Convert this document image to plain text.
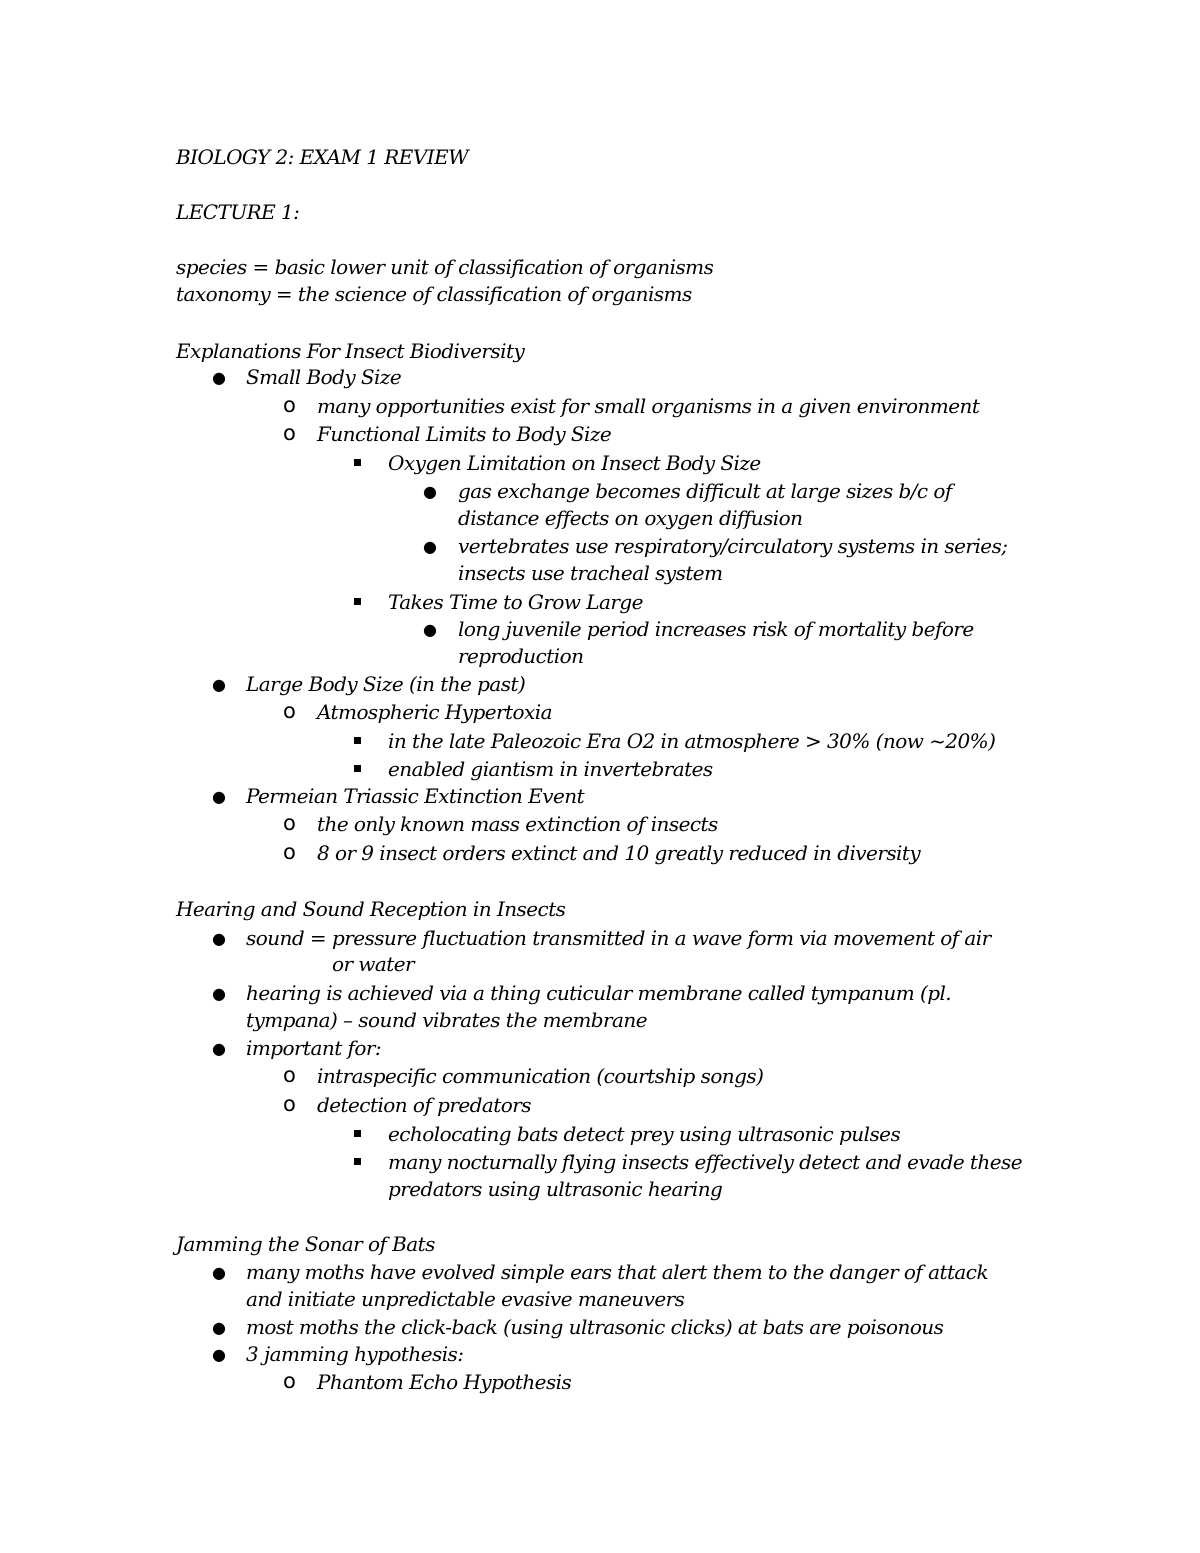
BIOLOGY 2: EXAM 1 REVIEW
LECTURE 1:
species = basic lower unit of classification of organisms
taxonomy = the science of classification of organisms
Explanations For Insect Biodiversity
● Small Body Size
o many opportunities exist for small organisms in a given environment
o Functional Limits to Body Size
Oxygen Limitation on Insect Body Size
● gas exchange becomes difficult at large sizes b/c of
distance effects on oxygen diffusion
● vertebrates use respiratory/circulatory systems in series;
insects use tracheal system
Takes Time to Grow Large
● long juvenile period increases risk of mortality before
reproduction
● Large Body Size (in the past)
o Atmospheric Hypertoxia
in the late Paleozoic Era O2 in atmosphere > 30% (now ~20%)
enabled giantism in invertebrates
● Permeian Triassic Extinction Event
o the only known mass extinction of insects
o 8 or 9 insect orders extinct and 10 greatly reduced in diversity
Hearing and Sound Reception in Insects
● sound = pressure fluctuation transmitted in a wave form via movement of air
or water
● hearing is achieved via a thing cuticular membrane called tympanum (pl.
tympana) – sound vibrates the membrane
● important for:
o intraspecific communication (courtship songs)
o detection of predators
echolocating bats detect prey using ultrasonic pulses
many nocturnally flying insects effectively detect and evade these
predators using ultrasonic hearing
Jamming the Sonar of Bats
● many moths have evolved simple ears that alert them to the danger of attack
and initiate unpredictable evasive maneuvers
● most moths the click-back (using ultrasonic clicks) at bats are poisonous
● 3 jamming hypothesis:
o Phantom Echo Hypothesis
